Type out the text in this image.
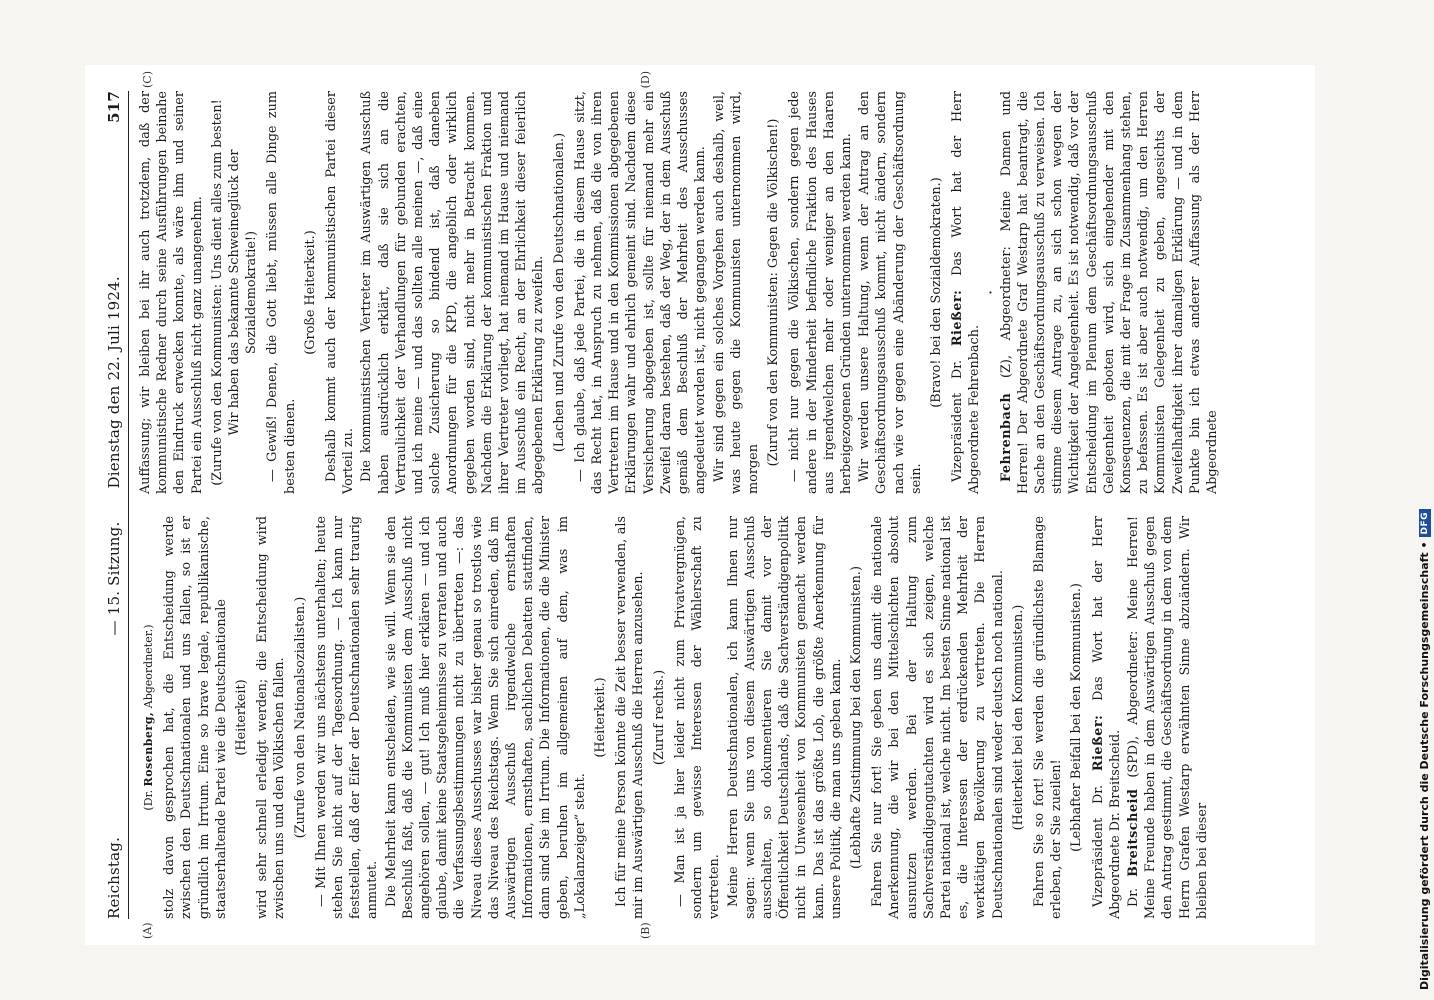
Reichstag.
— 15. Sitzung.
Dienstag den 22. Juli 1924.
517
(A)	(B)

(Dr. Rosenberg, Abgeordneter.) stolz davon gesprochen hat, die Entscheidung werde zwischen den Deutschnationalen und uns fallen, so ist er gründlich im Irrtum. Eine so brave legale, republikanische, staatserhaltende Partei wie die Deutschnationale (Heiterkeit) wird sehr schnell erledigt werden; die Entscheidung wird zwischen uns und den Völkischen fallen. (Zurufe von den Nationalsozialisten.) — Mit Ihnen werden wir uns nächstens unterhalten; heute stehen Sie nicht auf der Tagesordnung. — Ich kann nur feststellen, daß der Eifer der Deutschnationalen sehr traurig anmutet. Die Mehrheit kann entscheiden, wie sie will. Wenn sie den Beschluß faßt, daß die Kommunisten dem Ausschuß nicht angehören sollen, — gut! Ich muß hier erklären — und ich glaube, damit keine Staatsgeheimnisse zu verraten und auch die Verfassungsbestimmungen nicht zu übertreten —: das Niveau dieses Ausschusses war bisher genau so trostlos wie das Niveau des Reichstags. Wenn Sie sich einreden, daß im Auswärtigen Ausschuß irgendwelche ernsthaften Informationen, ernsthaften, sachlichen Debatten stattfinden, dann sind Sie im Irrtum. Die Informationen, die die Minister geben, beruhen im allgemeinen auf dem, was im „Lokalanzeiger“ steht.

(Heiterkeit.) Ich für meine Person könnte die Zeit besser verwenden, als mir im Auswärtigen Ausschuß die Herren anzusehen. (Zuruf rechts.) — Man ist ja hier leider nicht zum Privatvergnügen, sondern um gewisse Interessen der Wählerschaft zu vertreten. Meine Herren Deutschnationalen, ich kann Ihnen nur sagen: wenn Sie uns von diesem Auswärtigen Ausschuß ausschalten, so dokumentieren Sie damit vor der Öffentlichkeit Deutschlands, daß die Sachverständigenpolitik nicht in Unwesenheit von Kommunisten gemacht werden kann. Das ist das größte Lob, die größte Anerkennung für unsere Politik, die man uns geben kann. (Lebhafte Zustimmung bei den Kommunisten.) Fahren Sie nur fort! Sie geben uns damit die nationale Anerkennung, die wir bei den Mittelschichten absolut ausnutzen werden. Bei der Haltung zum Sachverständigengutachten wird es sich zeigen, welche Partei national ist, welche nicht. Im besten Sinne national ist es, die Interessen der erdrückenden Mehrheit der werktätigen Bevölkerung zu vertreten. Die Herren Deutschnationalen sind weder deutsch noch national. (Heiterkeit bei den Kommunisten.) Fahren Sie so fort! Sie werden die gründlichste Blamage erleben, der Sie zueilen! (Lebhafter Beifall bei den Kommunisten.) Vizepräsident Dr. Rießer: Das Wort hat der Herr Abgeordnete Dr. Breitscheid. Dr. Breitscheid (SPD), Abgeordneter: Meine Herren! Meine Freunde haben in dem Auswärtigen Ausschuß gegen den Antrag gestimmt, die Geschäftsordnung in dem von dem Herrn Grafen Westarp erwähnten Sinne abzuändern. Wir bleiben bei dieser

(C)	(D)

Auffassung; wir bleiben bei ihr auch trotzdem, daß der kommunistische Redner durch seine Ausführungen beinahe den Eindruck erwecken konnte, als wäre ihm und seiner Partei ein Ausschluß nicht ganz unangenehm. (Zurufe von den Kommunisten: Uns dient alles zum besten! Wir haben das bekannte Schweineglück der Sozialdemokratie!) — Gewiß! Denen, die Gott liebt, müssen alle Dinge zum besten dienen.

(Große Heiterkeit.) Deshalb kommt auch der kommunistischen Partei dieser Vorteil zu. Die kommunistischen Vertreter im Auswärtigen Ausschuß haben ausdrücklich erklärt, daß sie sich an die Vertraulichkeit der Verhandlungen für gebunden erachten, und ich meine — und das sollten alle meinen —, daß eine solche Zusicherung so bindend ist, daß daneben Anordnungen für die KPD, die angeblich oder wirklich gegeben worden sind, nicht mehr in Betracht kommen. Nachdem die Erklärung der kommunistischen Fraktion und ihrer Vertreter vorliegt, hat niemand im Hause und niemand im Ausschuß ein Recht, an der Ehrlichkeit dieser feierlich abgegebenen Erklärung zu zweifeln. (Lachen und Zurufe von den Deutschnationalen.) — Ich glaube, daß jede Partei, die in diesem Hause sitzt, das Recht hat, in Anspruch zu nehmen, daß die von ihren Vertretern im Hause und in den Kommissionen abgegebenen Erklärungen wahr und ehrlich gemeint sind. Nachdem diese Versicherung abgegeben ist, sollte für niemand mehr ein Zweifel daran bestehen, daß der Weg, der in dem Ausschuß gemäß dem Beschluß der Mehrheit des Ausschusses angedeutet worden ist, nicht gegangen werden kann. Wir sind gegen ein solches Vorgehen auch deshalb, weil, was heute gegen die Kommunisten unternommen wird, morgen

(Zuruf von den Kommunisten: Gegen die Völkischen!) — nicht nur gegen die Völkischen, sondern gegen jede andere in der Minderheit befindliche Fraktion des Hauses aus irgendwelchen mehr oder weniger an den Haaren herbeigezogenen Gründen unternommen werden kann. Wir werden unsere Haltung, wenn der Antrag an den Geschäftsordnungsausschuß kommt, nicht ändern, sondern nach wie vor gegen eine Abänderung der Geschäftsordnung sein.

(Bravo! bei den Sozialdemokraten.)

Vizepräsident Dr. Rießer: Das Wort hat der Herr Abgeordnete Fehrenbach.

·

Fehrenbach (Z), Abgeordneter: Meine Damen und Herren! Der Abgeordnete Graf Westarp hat beantragt, die Sache an den Geschäftsordnungsausschuß zu verweisen. Ich stimme diesem Antrage zu, an sich schon wegen der Wichtigkeit der Angelegenheit. Es ist notwendig, daß vor der Entscheidung im Plenum dem Geschäftsordnungsausschuß Gelegenheit geboten wird, sich eingehender mit den Konsequenzen, die mit der Frage im Zusammenhang stehen, zu befassen. Es ist aber auch notwendig, um den Herren Kommunisten Gelegenheit zu geben, angesichts der Zweifelhaftigkeit ihrer damaligen Erklärung — und in dem Punkte bin ich etwas anderer Auffassung als der Herr Abgeordnete

Digitalisierung gefördert durch die Deutsche Forschungsgemeinschaft •
DFG
